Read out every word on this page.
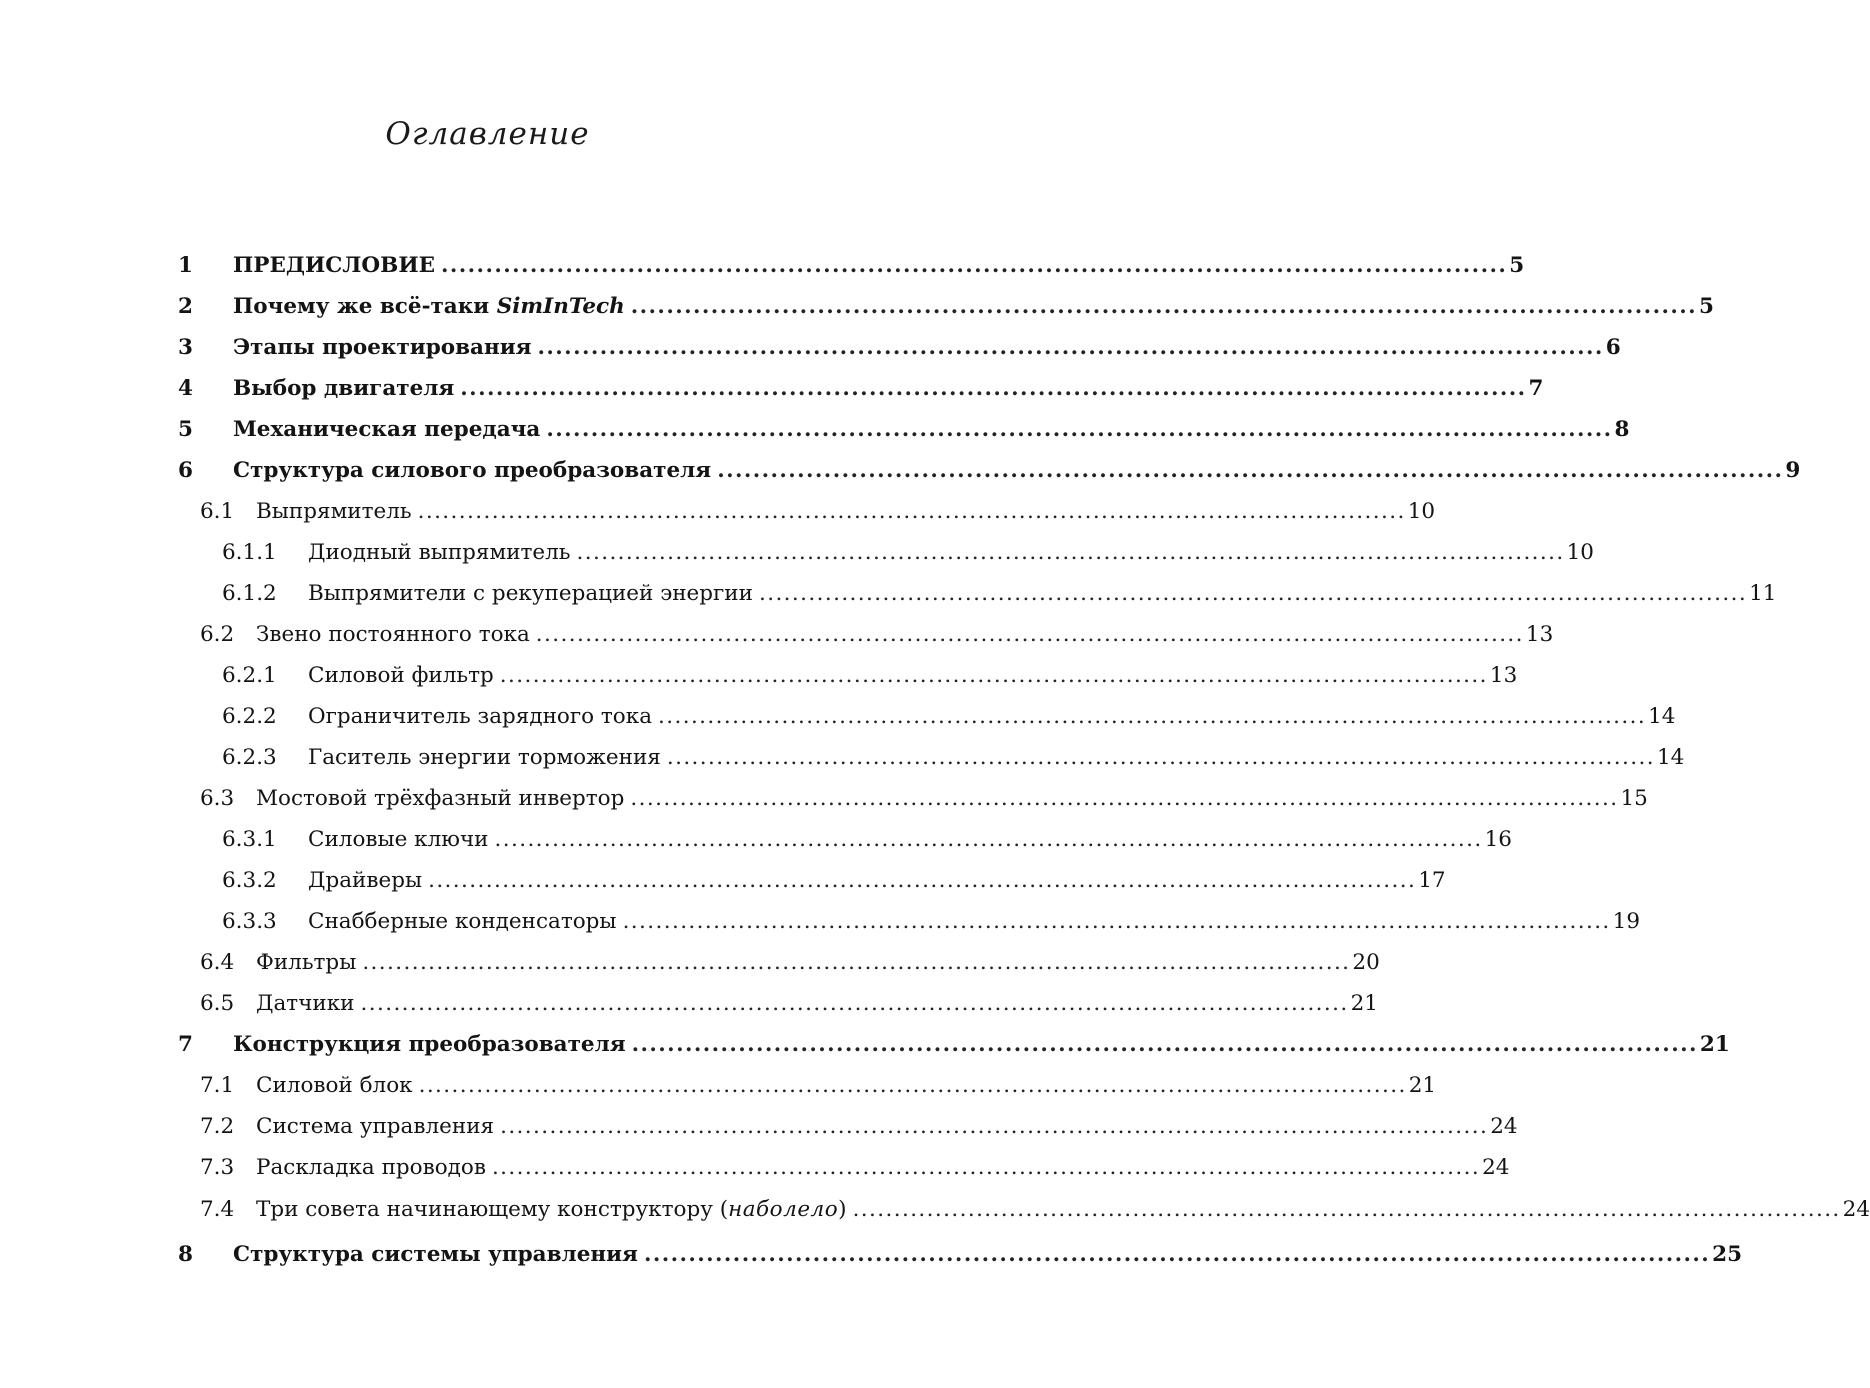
Оглавление
1	ПРЕДИСЛОВИЕ ........................................................................................................................ 5
2	Почему же всё-таки SimInTech ........................................................................................................................ 5
3	Этапы проектирования ........................................................................................................................ 6
4	Выбор двигателя ........................................................................................................................ 7
5	Механическая передача ........................................................................................................................ 8
6	Структура силового преобразователя ........................................................................................................................ 9
6.1	Выпрямитель ........................................................................................................................ 10
6.1.1	Диодный выпрямитель ........................................................................................................................ 10
6.1.2	Выпрямители с рекуперацией энергии ........................................................................................................................ 11
6.2	Звено постоянного тока ........................................................................................................................ 13
6.2.1	Силовой фильтр ........................................................................................................................ 13
6.2.2	Ограничитель зарядного тока ........................................................................................................................ 14
6.2.3	Гаситель энергии торможения ........................................................................................................................ 14
6.3	Мостовой трёхфазный инвертор ........................................................................................................................ 15
6.3.1	Силовые ключи ........................................................................................................................ 16
6.3.2	Драйверы ........................................................................................................................ 17
6.3.3	Снабберные конденсаторы ........................................................................................................................ 19
6.4	Фильтры ........................................................................................................................ 20
6.5	Датчики ........................................................................................................................ 21
7	Конструкция преобразователя ........................................................................................................................ 21
7.1	Силовой блок ........................................................................................................................ 21
7.2	Система управления ........................................................................................................................ 24
7.3	Раскладка проводов ........................................................................................................................ 24
7.4	Три совета начинающему конструктору (наболело) ........................................................................................................................ 24
8	Структура системы управления ........................................................................................................................ 25
